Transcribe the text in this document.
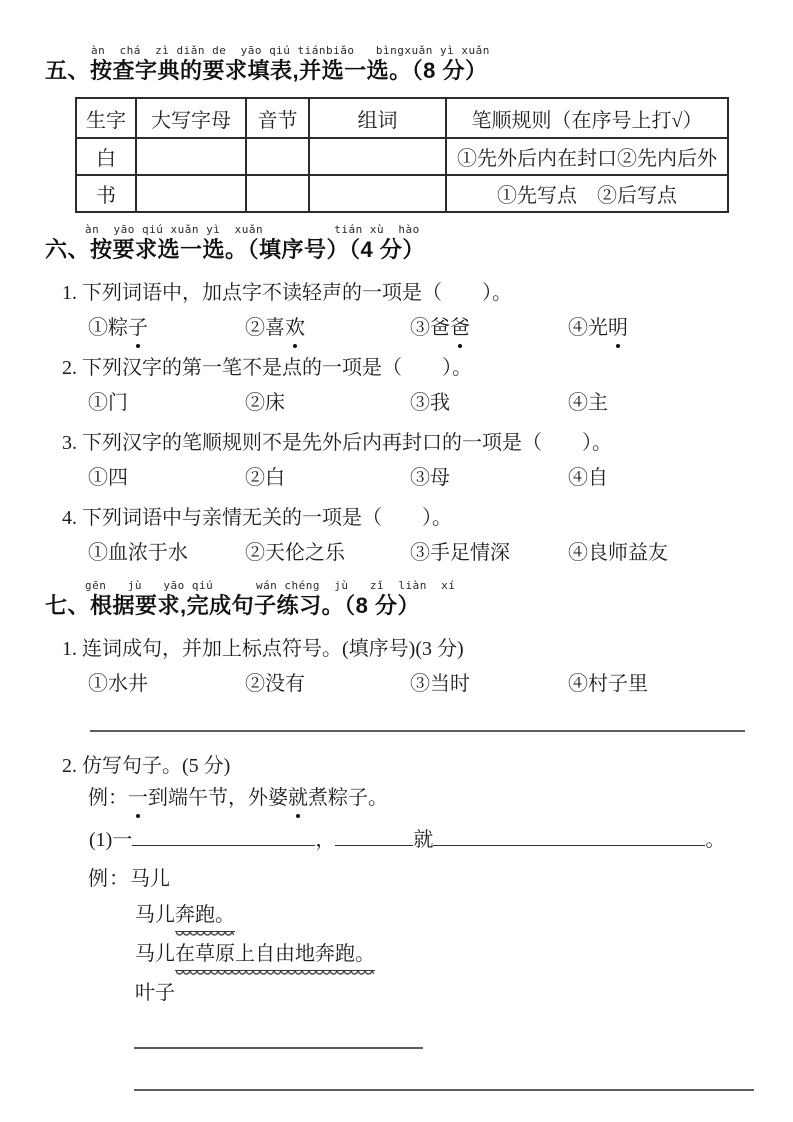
àn  chá  zì diǎn de  yāo qiú tiánbiǎo   bìngxuǎn yì xuǎn
五、按查字典的要求填表,并选一选。（8 分）
生字	大写字母	音节	组词	笔顺规则（在序号上打√）
白				①先外后内在封口②先内后外
书				①先写点　②后写点
àn  yāo qiú xuǎn yì  xuǎn          tián xù  hào
六、按要求选一选。（填序号）（4 分）
1. 下列词语中，加点字不读轻声的一项是（　　）。
①粽子	②喜欢	③爸爸	④光明
2. 下列汉字的第一笔不是点的一项是（　　）。
①门	②床	③我	④主
3. 下列汉字的笔顺规则不是先外后内再封口的一项是（　　）。
①四	②白	③母	④自
4. 下列词语中与亲情无关的一项是（　　）。
①血浓于水	②天伦之乐	③手足情深	④良师益友
gēn   jù   yāo qiú      wán chéng  jù   zǐ  liàn  xí
七、根据要求,完成句子练习。（8 分）
1. 连词成句，并加上标点符号。(填序号)(3 分)
①水井	②没有	③当时	④村子里
2. 仿写句子。(5 分)
例：一到端午节，外婆就煮粽子。
(1)一	，	就	。
例：马儿
马儿奔跑。
马儿在草原上自由地奔跑。
叶子
